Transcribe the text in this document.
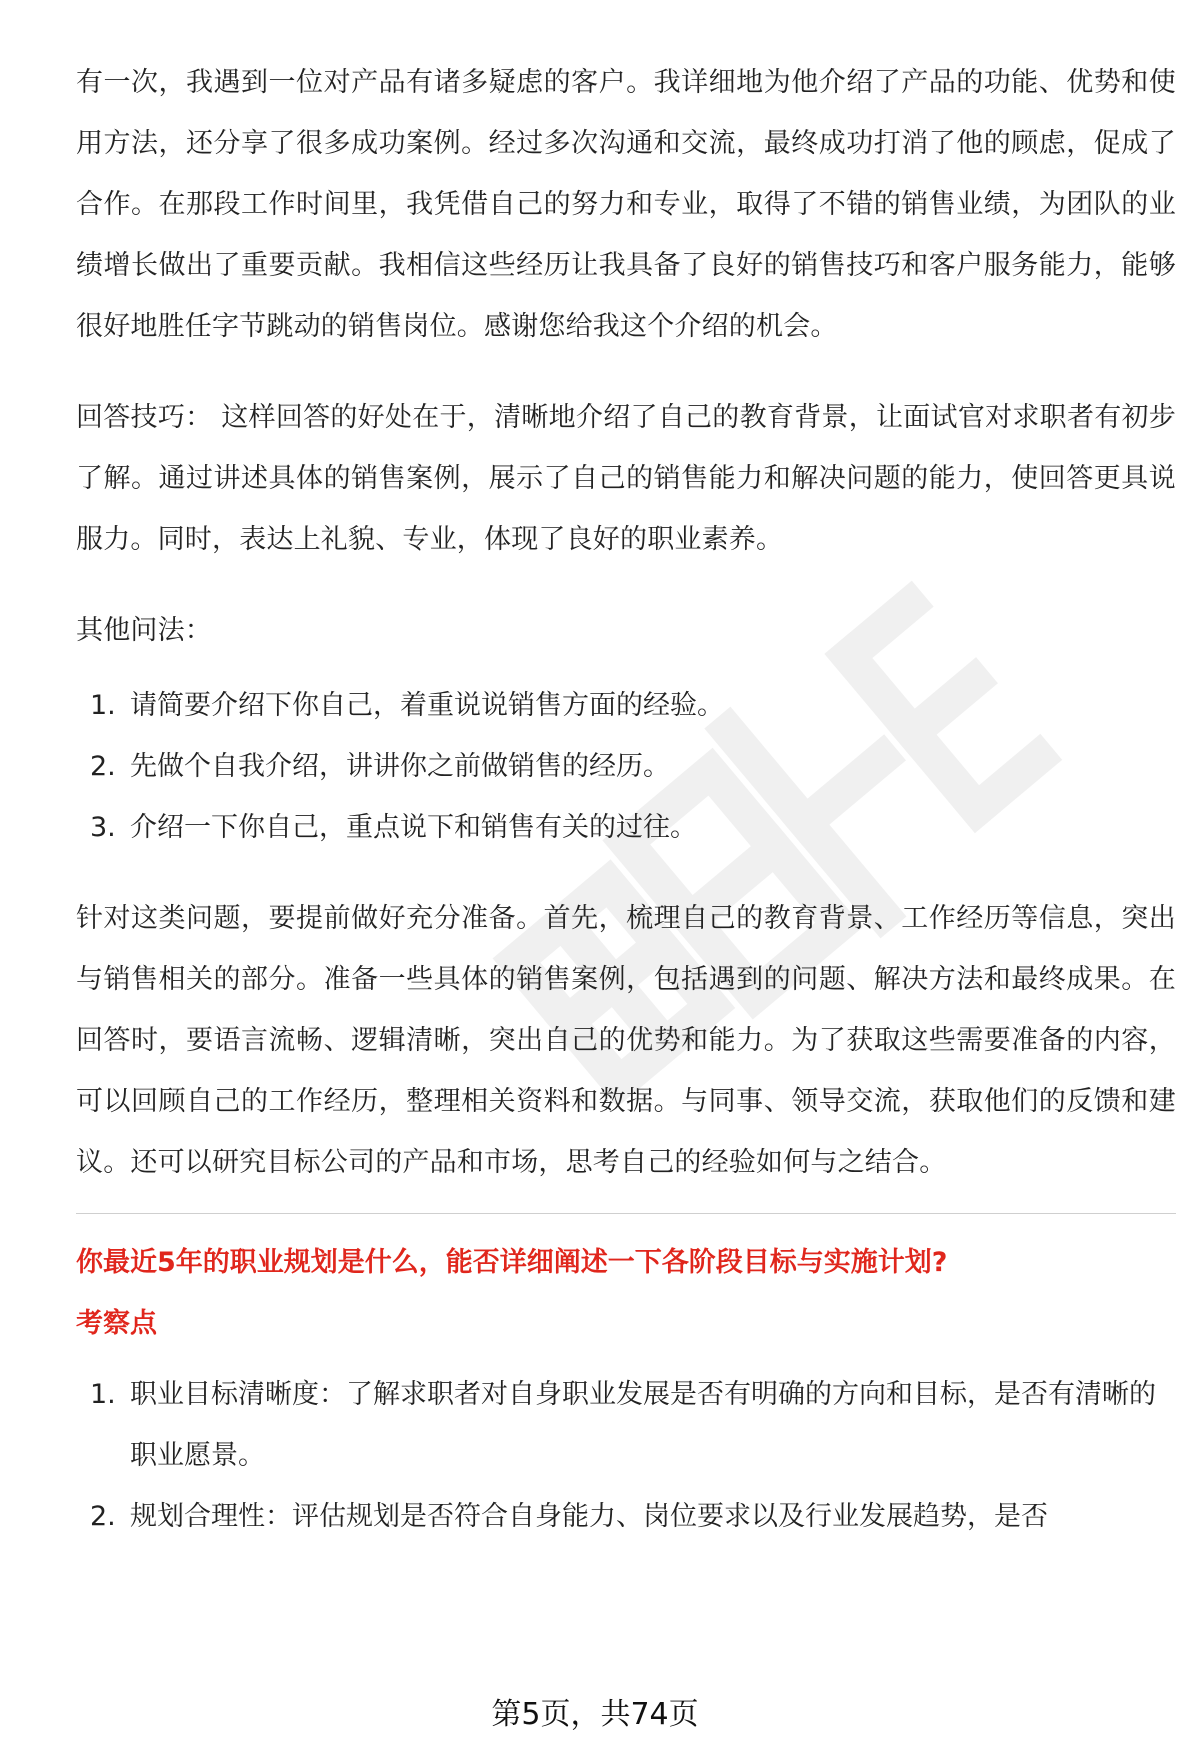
有一次，我遇到一位对产品有诸多疑虑的客户。我详细地为他介绍了产品的功能、优势和使用方法，还分享了很多成功案例。经过多次沟通和交流，最终成功打消了他的顾虑，促成了合作。在那段工作时间里，我凭借自己的努力和专业，取得了不错的销售业绩，为团队的业绩增长做出了重要贡献。我相信这些经历让我具备了良好的销售技巧和客户服务能力，能够很好地胜任字节跳动的销售岗位。感谢您给我这个介绍的机会。

回答技巧： 这样回答的好处在于，清晰地介绍了自己的教育背景，让面试官对求职者有初步了解。通过讲述具体的销售案例，展示了自己的销售能力和解决问题的能力，使回答更具说服力。同时，表达上礼貌、专业，体现了良好的职业素养。

其他问法：

1. 请简要介绍下你自己，着重说说销售方面的经验。
2. 先做个自我介绍，讲讲你之前做销售的经历。
3. 介绍一下你自己，重点说下和销售有关的过往。

针对这类问题，要提前做好充分准备。首先，梳理自己的教育背景、工作经历等信息，突出与销售相关的部分。准备一些具体的销售案例，包括遇到的问题、解决方法和最终成果。在回答时，要语言流畅、逻辑清晰，突出自己的优势和能力。为了获取这些需要准备的内容，可以回顾自己的工作经历，整理相关资料和数据。与同事、领导交流，获取他们的反馈和建议。还可以研究目标公司的产品和市场，思考自己的经验如何与之结合。

你最近5年的职业规划是什么，能否详细阐述一下各阶段目标与实施计划?

考察点

1. 职业目标清晰度：了解求职者对自身职业发展是否有明确的方向和目标，是否有清晰的职业愿景。
2. 规划合理性：评估规划是否符合自身能力、岗位要求以及行业发展趋势，是否
第5页，共74页
